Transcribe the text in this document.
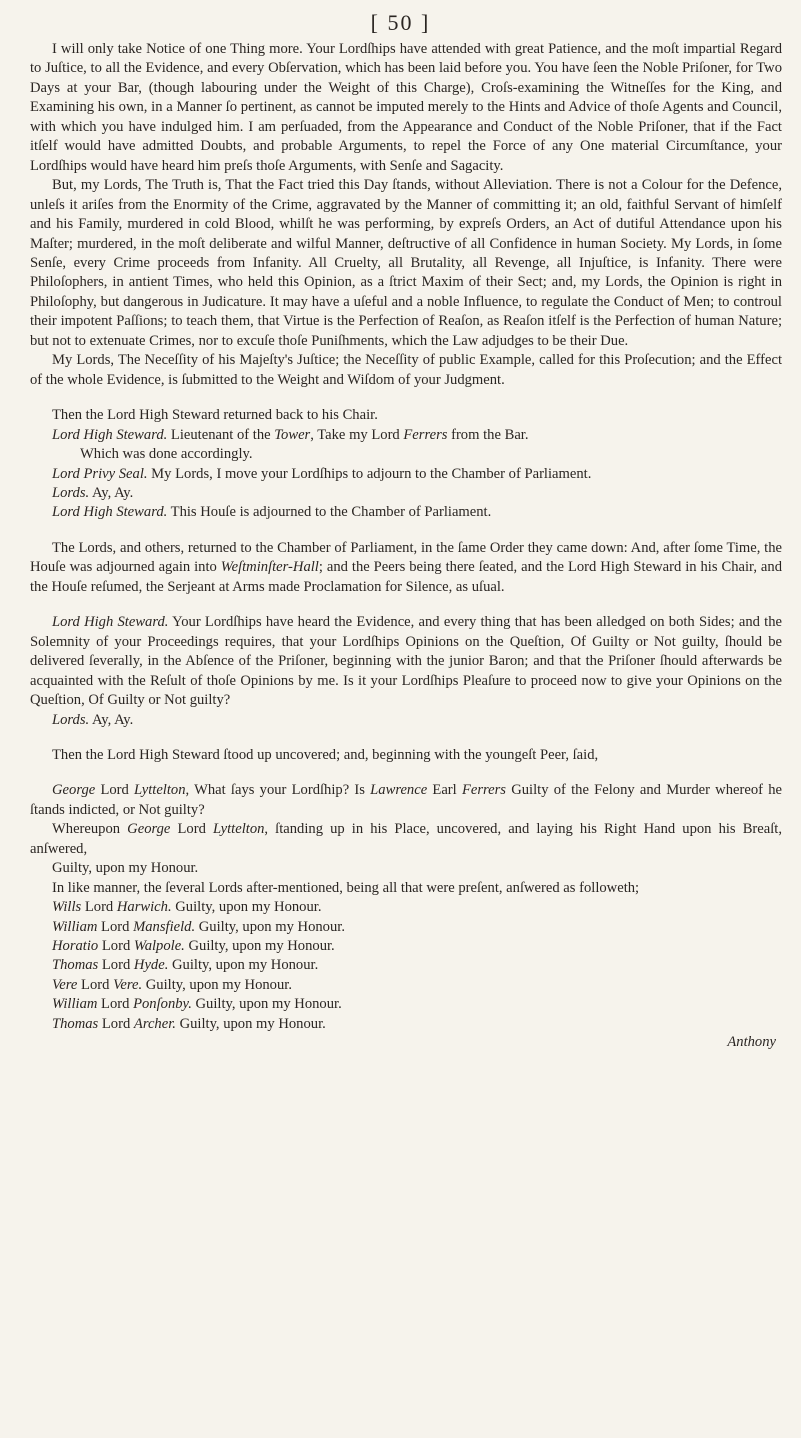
[ 50 ]

I will only take Notice of one Thing more. Your Lordſhips have attended with great Patience, and the moſt impartial Regard to Juſtice, to all the Evidence, and every Obſervation, which has been laid before you. You have ſeen the Noble Priſoner, for Two Days at your Bar, (though labouring under the Weight of this Charge), Croſs-examining the Witneſſes for the King, and Examining his own, in a Manner ſo pertinent, as cannot be imputed merely to the Hints and Advice of thoſe Agents and Council, with which you have indulged him. I am perſuaded, from the Appearance and Conduct of the Noble Priſoner, that if the Fact itſelf would have admitted Doubts, and probable Arguments, to repel the Force of any One material Circumſtance, your Lordſhips would have heard him preſs thoſe Arguments, with Senſe and Sagacity.

But, my Lords, The Truth is, That the Fact tried this Day ſtands, without Alleviation. There is not a Colour for the Defence, unleſs it ariſes from the Enormity of the Crime, aggravated by the Manner of committing it; an old, faithful Servant of himſelf and his Family, murdered in cold Blood, whilſt he was performing, by expreſs Orders, an Act of dutiful Attendance upon his Maſter; murdered, in the moſt deliberate and wilful Manner, deſtructive of all Confidence in human Society. My Lords, in ſome Senſe, every Crime proceeds from Infanity. All Cruelty, all Brutality, all Revenge, all Injuſtice, is Infanity. There were Philoſophers, in antient Times, who held this Opinion, as a ſtrict Maxim of their Sect; and, my Lords, the Opinion is right in Philoſophy, but dangerous in Judicature. It may have a uſeful and a noble Influence, to regulate the Conduct of Men; to controul their impotent Paſſions; to teach them, that Virtue is the Perfection of Reaſon, as Reaſon itſelf is the Perfection of human Nature; but not to extenuate Crimes, nor to excuſe thoſe Puniſhments, which the Law adjudges to be their Due.

My Lords, The Neceſſity of his Majeſty's Juſtice; the Neceſſity of public Example, called for this Proſecution; and the Effect of the whole Evidence, is ſubmitted to the Weight and Wiſdom of your Judgment.

Then the Lord High Steward returned back to his Chair.

Lord High Steward. Lieutenant of the Tower, Take my Lord Ferrers from the Bar.

Which was done accordingly.

Lord Privy Seal. My Lords, I move your Lordſhips to adjourn to the Chamber of Parliament.

Lords. Ay, Ay.

Lord High Steward. This Houſe is adjourned to the Chamber of Parliament.

The Lords, and others, returned to the Chamber of Parliament, in the ſame Order they came down: And, after ſome Time, the Houſe was adjourned again into Weſtminſter-Hall; and the Peers being there ſeated, and the Lord High Steward in his Chair, and the Houſe reſumed, the Serjeant at Arms made Proclamation for Silence, as uſual.

Lord High Steward. Your Lordſhips have heard the Evidence, and every thing that has been alledged on both Sides; and the Solemnity of your Proceedings requires, that your Lordſhips Opinions on the Queſtion, Of Guilty or Not guilty, ſhould be delivered ſeverally, in the Abſence of the Priſoner, beginning with the junior Baron; and that the Priſoner ſhould afterwards be acquainted with the Reſult of thoſe Opinions by me. Is it your Lordſhips Pleaſure to proceed now to give your Opinions on the Queſtion, Of Guilty or Not guilty?

Lords. Ay, Ay.

Then the Lord High Steward ſtood up uncovered; and, beginning with the youngeſt Peer, ſaid,

George Lord Lyttelton, What ſays your Lordſhip? Is Lawrence Earl Ferrers Guilty of the Felony and Murder whereof he ſtands indicted, or Not guilty?

Whereupon George Lord Lyttelton, ſtanding up in his Place, uncovered, and laying his Right Hand upon his Breaſt, anſwered,

Guilty, upon my Honour.

In like manner, the ſeveral Lords after-mentioned, being all that were preſent, anſwered as followeth;

Wills Lord Harwich. Guilty, upon my Honour.

William Lord Mansfield. Guilty, upon my Honour.

Horatio Lord Walpole. Guilty, upon my Honour.

Thomas Lord Hyde. Guilty, upon my Honour.

Vere Lord Vere. Guilty, upon my Honour.

William Lord Ponſonby. Guilty, upon my Honour.

Thomas Lord Archer. Guilty, upon my Honour.

Anthony
